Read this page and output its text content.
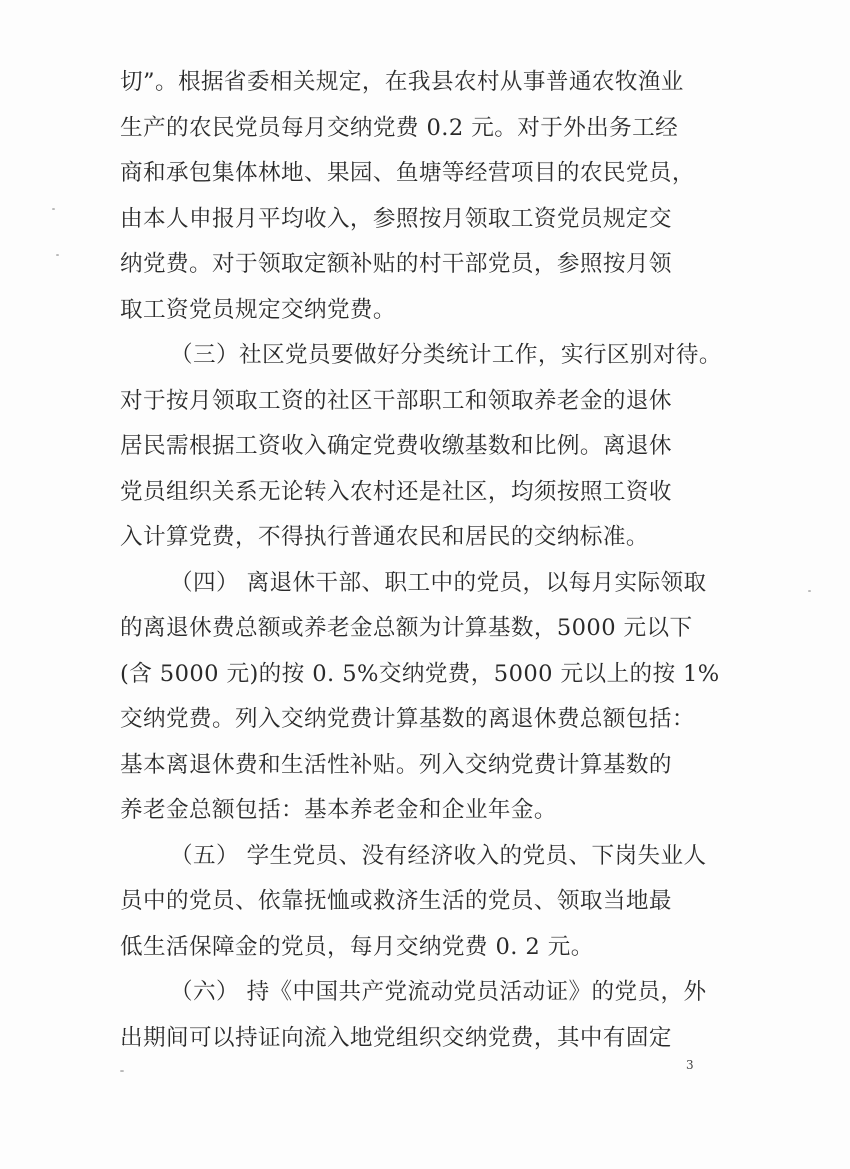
切”。根据省委相关规定，在我县农村从事普通农牧渔业
生产的农民党员每月交纳党费 0.2 元。对于外出务工经
商和承包集体林地、果园、鱼塘等经营项目的农民党员，
由本人申报月平均收入，参照按月领取工资党员规定交
纳党费。对于领取定额补贴的村干部党员，参照按月领
取工资党员规定交纳党费。
（三）社区党员要做好分类统计工作，实行区别对待。
对于按月领取工资的社区干部职工和领取养老金的退休
居民需根据工资收入确定党费收缴基数和比例。离退休
党员组织关系无论转入农村还是社区，均须按照工资收
入计算党费，不得执行普通农民和居民的交纳标准。
（四） 离退休干部、职工中的党员，以每月实际领取
的离退休费总额或养老金总额为计算基数，5000 元以下
(含 5000 元)的按 0. 5%交纳党费，5000 元以上的按 1%
交纳党费。列入交纳党费计算基数的离退休费总额包括：
基本离退休费和生活性补贴。列入交纳党费计算基数的
养老金总额包括：基本养老金和企业年金。
（五） 学生党员、没有经济收入的党员、下岗失业人
员中的党员、依靠抚恤或救济生活的党员、领取当地最
低生活保障金的党员，每月交纳党费 0. 2 元。
（六） 持《中国共产党流动党员活动证》的党员，外
出期间可以持证向流入地党组织交纳党费，其中有固定
3
